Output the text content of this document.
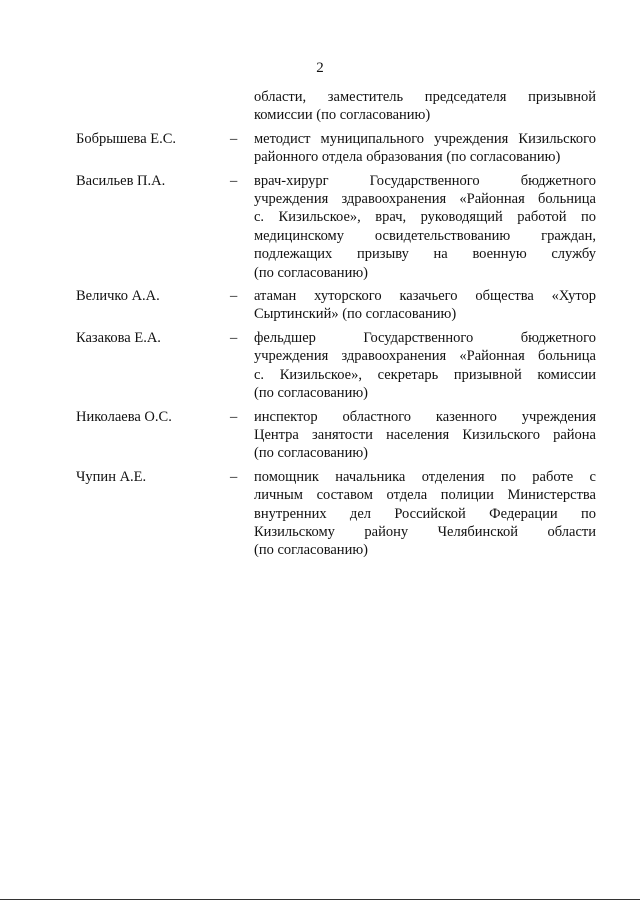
2
области, заместитель председателя призывной
комиссии (по согласованию)
Бобрышева Е.С.	– методист муниципального учреждения Кизильского
районного отдела образования (по согласованию)
Васильев П.А.	– врач-хирург Государственного бюджетного
учреждения здравоохранения «Районная больница
с. Кизильское», врач, руководящий работой по
медицинскому освидетельствованию граждан,
подлежащих призыву на военную службу
(по согласованию)
Величко А.А.	– атаман хуторского казачьего общества «Хутор
Сыртинский» (по согласованию)
Казакова Е.А.	– фельдшер Государственного бюджетного
учреждения здравоохранения «Районная больница
с. Кизильское», секретарь призывной комиссии
(по согласованию)
Николаева О.С.	– инспектор областного казенного учреждения
Центра занятости населения Кизильского района
(по согласованию)
Чупин А.Е.	– помощник начальника отделения по работе с
личным составом отдела полиции Министерства
внутренних дел Российской Федерации по
Кизильскому району Челябинской области
(по согласованию)
